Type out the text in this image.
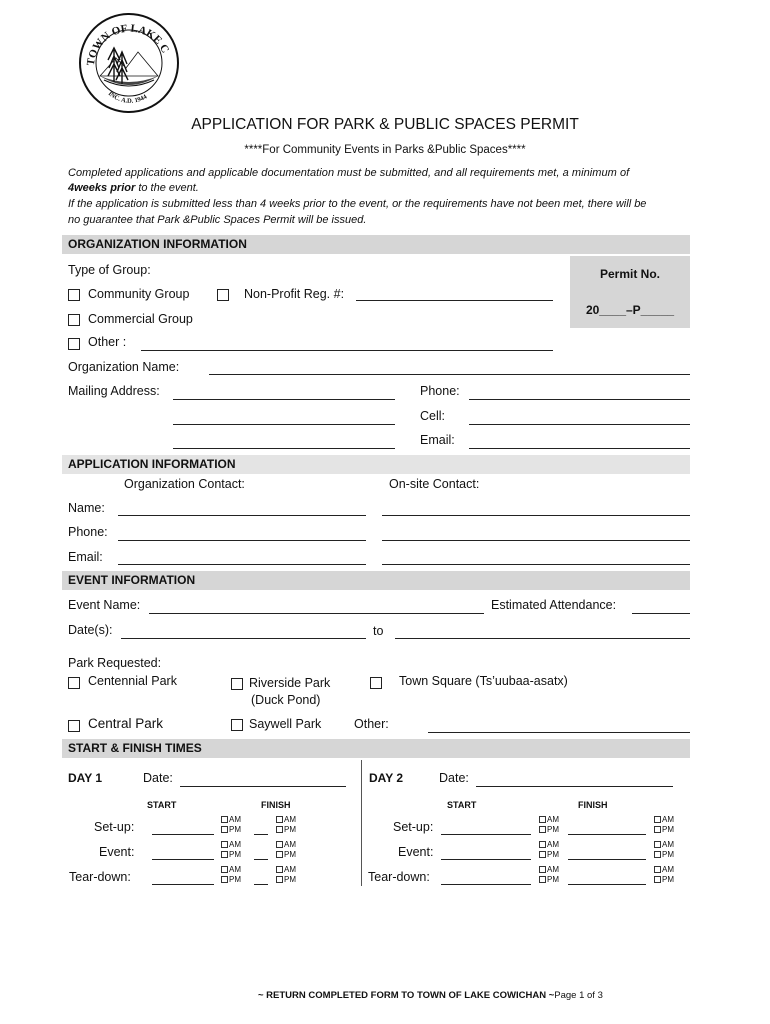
TOWN OF LAKE C
INC. A.D. 1944
APPLICATION FOR PARK & PUBLIC SPACES PERMIT
****For Community Events in Parks &Public Spaces****
Completed applications and applicable documentation must be submitted, and all requirements met, a minimum of
4weeks prior to the event.
If the application is submitted less than 4 weeks prior to the event, or the requirements have not been met, there will be
no guarantee that Park &Public Spaces Permit will be issued.
ORGANIZATION INFORMATION
Type of Group:
Community Group	Non-Profit Reg. #:
Commercial Group
Other :
Permit No.
20____–P_____
Organization Name:
Mailing Address:	Phone:
Cell:
Email:
APPLICATION INFORMATION
Organization Contact:	On-site Contact:
Name:
Phone:
Email:
EVENT INFORMATION
Event Name:	Estimated Attendance:
Date(s):	to
Park Requested:
Centennial Park	Riverside Park
(Duck Pond)
Town Square (Ts’uubaa-asatx)
Central Park	Saywell Park	Other:
START & FINISH TIMES
DAY 1	Date:
START	FINISH
Set-up:
AM
PM
AM
PM
Event:
AM
PM
AM
PM
Tear-down:
AM
PM
AM
PM
DAY 2	Date:
START	FINISH
Set-up:
AM
PM
AM
PM
Event:
AM
PM
AM
PM
Tear-down:
AM
PM
AM
PM
~ RETURN COMPLETED FORM TO TOWN OF LAKE COWICHAN ~Page 1 of 3
